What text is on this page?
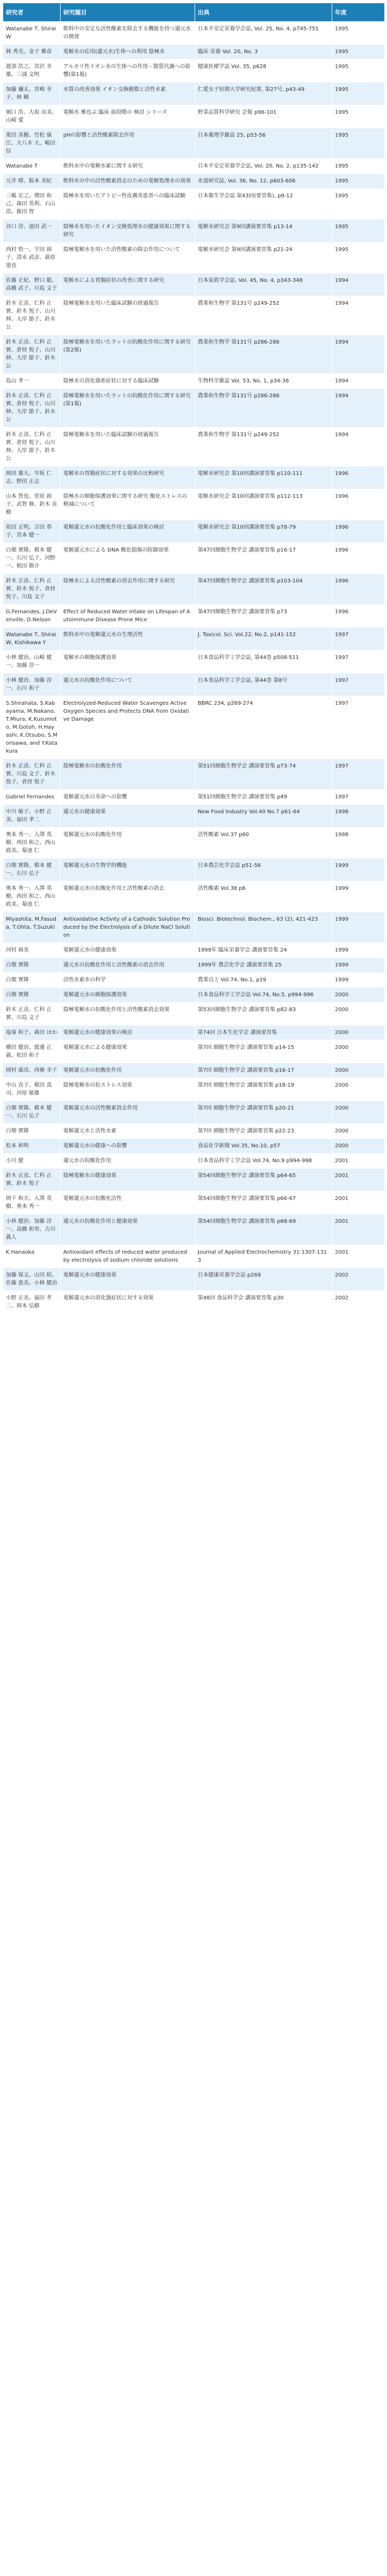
研究者	研究題目	出典	年度
Watanabe T, Shirai W	飲料中の安定な活性酸素を除去する機能を持つ還元水の開発	日本不安定栄養学会誌, Vol. 25, No. 4, p745-751	1995
林 秀光、金子 雅彦	電解水の応用(還元水)生体への利用 陰極水	臨床 栄養 Vol. 20, No. 3	1995
渡部 浩之、宮沢 幸雄、三浦 文明	アルカリ性イオン水の生体への作用 - 脂質代謝への影響(第1報)	健康医療学誌 Vol. 35, p628	1995
加藤 彌太、宮崎 幸子、林 剛	水質の改善効果 イオン交換樹脂と活性水素	仁愛女子短期大学研究紀要, 第27号, p43-49	1995
堀口 浩、大坂 由美、山崎 愛	電解水 雅也ぶ 臨床 前段階の 検討 シリーズ	野菜品質科学研究 会報 p96-101	1995
栗田 美穂、竹松 康江、大八木 大、嶋田 信	pHの影響と活性酸素除去作用	日本薬理学雑誌 25, p53-56	1995
Watanabe T	飲料水中の電解水素に関する研究	日本不安定栄養学会誌, Vol. 20, No. 2, p135-142	1995
元井 晴、阪本 美紀	飲料水の中の活性酸素消去のための電解処理水の効果	水道研究誌, Vol. 36, No. 12, p603-606	1995
三嶋 宏之、増田 和己、森田 英利、石山 浩、飯田 智	陰極水を用いたアトピー性皮膚炎患者への臨床試験	日本衛生学会誌 第43回(要旨集), p9-12	1995
谷口 淳、池田 武一	陰極水を用いたイオン交換処理水の健康効果に関する研究	電解水研究会 第9回講演要旨集 p13-14	1995
西村 悟一、宇田 裕子、清水 武彦、萩原 道也	陰極電解水を用いた活性酸素の除去作用について	電解水研究会 第9回講演要旨集 p21-24	1995
佐藤 正紀、野口 聡、高橋 武子、川島 文子	電解水による胃腸症状の改善に関する研究	日本家政学会誌, Vol. 45, No. 4, p343-348	1994
鈴木 正彦、仁科 正實、鈴木 悦子、山川 伸、大岸 節子、鈴木 公	陰極電解水を用いた臨床試験の経過報告	農業和生物学 第131号 p249-252	1994
鈴木 正彦、仁科 正實、倉持 悦子、山川 伸、大岸 節子、鈴木 公	陰極電解水を用いたラットの抗酸化作用に関する研究(第2報)	農業和生物学 第131号 p286-286	1994
島山 孝一	陰極水の消化器系症状に対する臨床試験	生物科学雑誌 Vol. 53, No. 1, p34-36	1994
鈴木 正彦、仁科 正實、倉持 悦子、山川 伸、大岸 節子、鈴木 公	陰極電解水を用いたラットの抗酸化作用に関する研究(第1報)	農業和生物学 第131号 p286-286	1994
鈴木 正彦、仁科 正實、倉持 悦子、山川 伸、大岸 節子、鈴木 公	陰極電解水を用いた臨床試験の経過報告	農業和生物学 第131号 p249-252	1994
岡田 雄大、早坂 仁志、野田 正志	電解水の胃腸症状に対する効果の比較研究	電解水研究会 第10回講演要旨集 p110-111	1996
山本 智也、菅原 裕子、武智 修、鈴木 直樹	陰極水の細胞保護効果に関する研究 酸化ストレスの軽減について	電解水研究会 第10回講演要旨集 p112-113	1996
坂田 正明、吉田 恭子、宮本 健一	電解還元水の抗酸化作用と臨床効果の検討	電解水研究会 第10回講演要旨集 p78-79	1996
白畑 實隆、槙本 健一、石川 弘子、河野 一、植田 敬介	電解還元水による DNA 酸化損傷の防御効果	第47回細胞生物学会 講演要旨集 p16-17	1996
鈴木 正彦、仁科 正實、鈴木 悦子、倉持 悦子、川島 文子	陰極水による活性酸素の消去作用に関する研究	第47回細胞生物学会 講演要旨集 p103-104	1996
G.Fernandes, J.DeVenville, D.Nelson	Effect of Reduced Water Intake on Lifespan of Autoimmune Disease Prone Mice	第47回細胞生物学会 講演要旨集 p73	1996
Watanabe T, Shirai W, Kishikawa Y	飲料水中の電解還元水の生理活性	J. Toxicol. Sci. Vol.22, No.2, p141-152	1997
小林 健治、山崎 健一、加藤 淳一	電解水の細胞保護効果	日本食品科学工学会誌, 第44巻 p508-511	1997
小林 健治、加藤 淳一、石川 和子	還元水の抗酸化作用について	日本食品科学工学会誌, 第44巻 第8号	1997
S.Shirahata, S.Kabayama, M.Nakano, T.Miura, K.Kusumoto, M.Gotoh, H.Hayashi, K.Otsubo, S.Morisawa, and Y.Katakura	Electrolyzed-Reduced Water Scavenges Active Oxygen Species and Protects DNA from Oxidative Damage	BBRC 234, p269-274	1997
鈴木 正彦、仁科 正實、川島 文子、鈴木 悦子、倉持 悦子	陰極電解水の抗酸化作用	第51回細胞生物学会 講演要旨集 p73-74	1997
Gabriel Fernandes	電解還元水の寿命への影響	第51回細胞生物学会 講演要旨集 p49	1997
中川 敏子、小野 正美、福田 孝二	還元水の健康効果	New Food Industry Vol.40 No.7 p61-64	1998
奥本 秀一、入澤 英樹、西田 和之、西山 政美、菊池 仁	電解還元水の抗酸化作用	活性酸素 Vol.37 p60	1998
白畑 實隆、槙本 健一、石川 弘子	電解還元水の生物学的機能	日本農芸化学会誌 p51-56	1999
奥本 秀一、入澤 英樹、西田 和之、西山 政美、菊池 仁	電解還元水の抗酸化作用と活性酸素の消去	活性酸素 Vol.38 p6	1999
Miyashita, M.Fasuda, T.Ohta, T.Suzuki	Antioxidative Activity of a Cathodic Solution Produced by the Electrolysis of a Dilute NaCl Solution	Biosci. Biotechnol. Biochem., 63 (2), 421-423	1999
河村 裕美	電解還元水の健康効果	1999年 臨床栄養学会 講演要旨集 24	1999
白畑 實隆	還元水の抗酸化作用と活性酸素の消去作用	1999年 農芸化学会 講演要旨集 25	1999
白畑 實隆	活性水素水の科学	農業以上 Vol.74, No.1, p19	1999
白畑 實隆	電解還元水の細胞保護効果	日本食品科学工学会誌 Vol.74, No.5, p994-996	2000
鈴木 正彦、仁科 正實、川島 文子	陰極電解水の抗酸化作用と活性酸素消去効果	第53回細胞生物学会 講演要旨集 p82-83	2000
塩塚 和子、森田 ほか	電解還元水の健康効果の検討	第74回 日本生化学会 講演要旨集	2000
横田 健治、渡邊 正義、松田 和子	電解還元水による健康効果	第7回 細胞生物学会 講演要旨集 p14-15	2000
岡村 康彦、西條 幸子	電解還元水の抗酸化作用	第7回 細胞生物学会 講演要旨集 p16-17	2000
中山 直子、槙田 真司、河原 敏雄	陰極電解水の抗ストレス効果	第7回 細胞生物学会 講演要旨集 p18-19	2000
白畑 實隆、槙本 健一、石川 弘子	電解還元水の活性酸素消去作用	第7回 細胞生物学会 講演要旨集 p20-21	2000
白畑 實隆	電解還元水と活性水素	第7回 細胞生物学会 講演要旨集 p22-23	2000
松本 和明	電解還元水の健康への影響	食品化学新聞 Vol.35, No.10, p57	2000
小川 健	還元水の抗酸化作用	日本食品科学工学会誌 Vol.74, No.9 p994-998	2001
鈴木 正彦、仁科 正實、鈴木 悦子	陰極電解水の健康効果	第54回細胞生物学会 講演要旨集 p64-65	2001
岡下 和夫、入澤 英樹、奥本 秀一	電解還元水の抗酸化活性	第54回細胞生物学会 講演要旨集 p66-67	2001
小林 健治、加藤 淳一、高橋 和男、古川 義人	還元水の抗酸化作用と健康効果	第54回細胞生物学会 講演要旨集 p68-69	2001
K.Hanaoka	Antioxidant effects of reduced water produced by electrolysis of sodium chloride solutions	Journal of Applied Electrochemistry 31:1307-1313	2001
加藤 保文、山田 昭、佐藤 恵美、小林 健治	電解還元水の健康効果	日本健康栄養学会誌 p269	2002
小野 正美、福田 孝二、岡本 弘樹	電解還元水の消化器症状に対する効果	第48回 食品科学会 講演要旨集 p30	2002
